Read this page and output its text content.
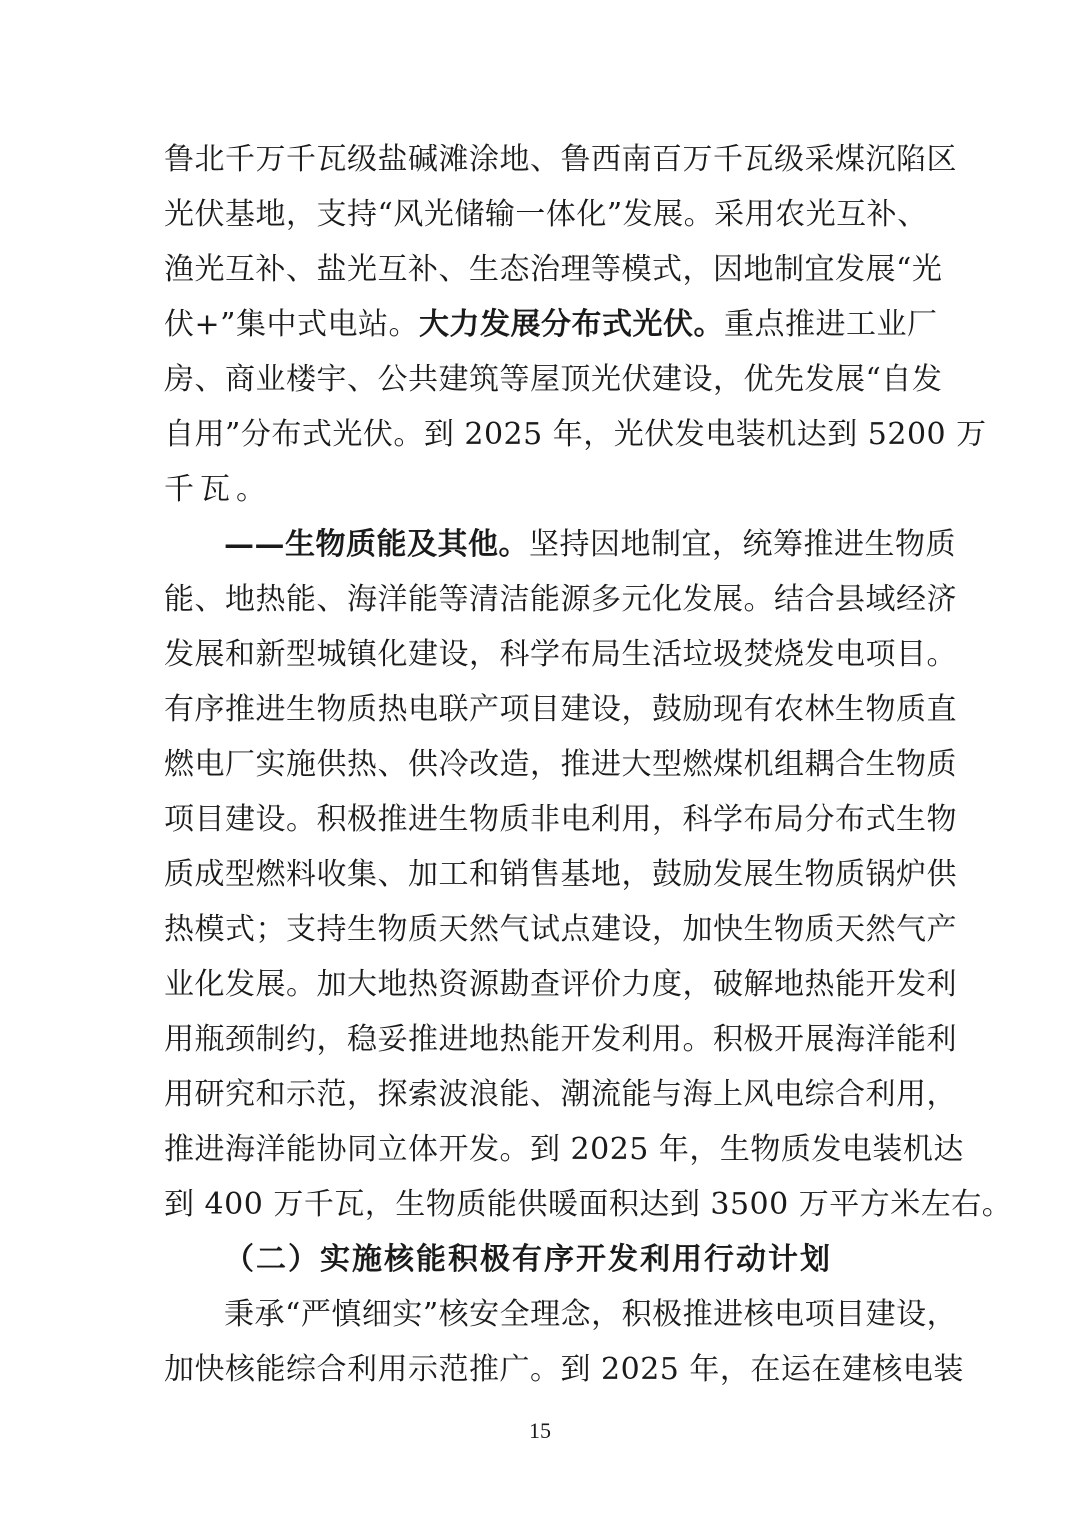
鲁北千万千瓦级盐碱滩涂地、鲁西南百万千瓦级采煤沉陷区
光伏基地，支持“风光储输一体化”发展。采用农光互补、
渔光互补、盐光互补、生态治理等模式，因地制宜发展“光
伏+”集中式电站。大力发展分布式光伏。重点推进工业厂
房、商业楼宇、公共建筑等屋顶光伏建设，优先发展“自发
自用”分布式光伏。到 2025 年，光伏发电装机达到 5200 万
千瓦。
——生物质能及其他。坚持因地制宜，统筹推进生物质
能、地热能、海洋能等清洁能源多元化发展。结合县域经济
发展和新型城镇化建设，科学布局生活垃圾焚烧发电项目。
有序推进生物质热电联产项目建设，鼓励现有农林生物质直
燃电厂实施供热、供冷改造，推进大型燃煤机组耦合生物质
项目建设。积极推进生物质非电利用，科学布局分布式生物
质成型燃料收集、加工和销售基地，鼓励发展生物质锅炉供
热模式；支持生物质天然气试点建设，加快生物质天然气产
业化发展。加大地热资源勘查评价力度，破解地热能开发利
用瓶颈制约，稳妥推进地热能开发利用。积极开展海洋能利
用研究和示范，探索波浪能、潮流能与海上风电综合利用，
推进海洋能协同立体开发。到 2025 年，生物质发电装机达
到 400 万千瓦，生物质能供暖面积达到 3500 万平方米左右。
（二）实施核能积极有序开发利用行动计划
秉承“严慎细实”核安全理念，积极推进核电项目建设，
加快核能综合利用示范推广。到 2025 年，在运在建核电装
15
